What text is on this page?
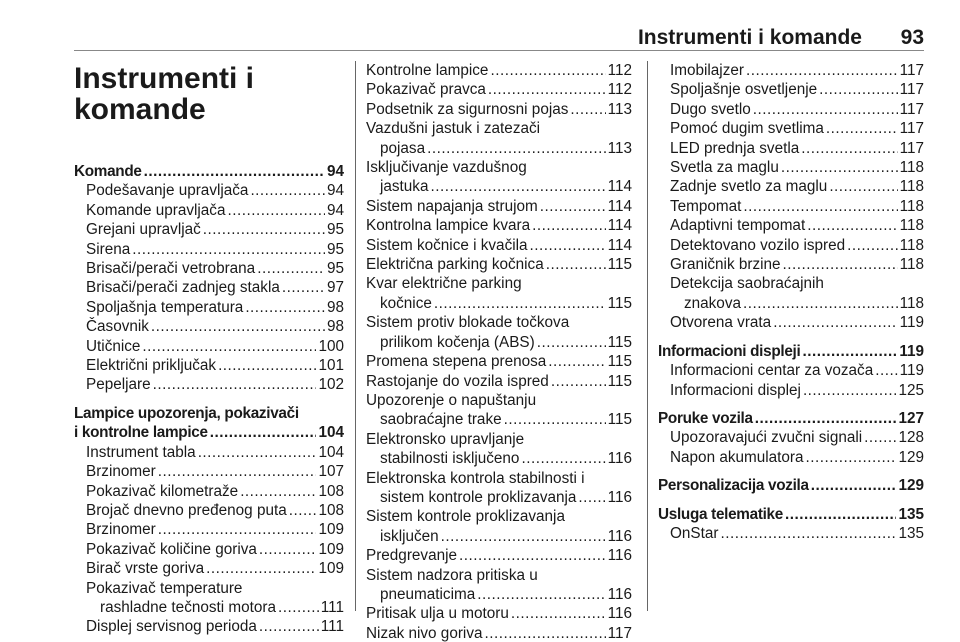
Instrumenti i komande 93
Instrumenti i
komande
Komande .....	94
Podešavanje upravljača .....	94
Komande upravljača .....	94
Grejani upravljač .....	95
Sirena .....	95
Brisači/perači vetrobrana .....	95
Brisači/perači zadnjeg stakla .....	97
Spoljašnja temperatura .....	98
Časovnik .....	98
Utičnice .....	100
Električni priključak .....	101
Pepeljare .....	102
Lampice upozorenja, pokazivači
i kontrolne lampice .....	104
Instrument tabla .....	104
Brzinomer .....	107
Pokazivač kilometraže .....	108
Brojač dnevno pređenog puta ..... 108
Brzinomer .....	109
Pokazivač količine goriva .....	109
Birač vrste goriva .....	109
Pokazivač temperature
rashladne tečnosti motora .....	111
Displej servisnog perioda .....	111
Kontrolne lampice .....	112
Pokazivač pravca .....	112
Podsetnik za sigurnosni pojas .....	113
Vazdušni jastuk i zatezači
pojasa .....	113
Isključivanje vazdušnog
jastuka .....	114
Sistem napajanja strujom .....	114
Kontrolna lampice kvara .....	114
Sistem kočnice i kvačila .....	114
Električna parking kočnica .....	115
Kvar električne parking
kočnice .....	115
Sistem protiv blokade točkova
prilikom kočenja (ABS) .....	115
Promena stepena prenosa .....	115
Rastojanje do vozila ispred .....	115
Upozorenje o napuštanju
saobraćajne trake .....	115
Elektronsko upravljanje
stabilnosti isključeno .....	116
Elektronska kontrola stabilnosti i
sistem kontrole proklizavanja ..... 116
Sistem kontrole proklizavanja
isključen .....	116
Predgrevanje .....	116
Sistem nadzora pritiska u
pneumaticima .....	116
Pritisak ulja u motoru .....	116
Nizak nivo goriva .....	117
Imobilajzer .....	117
Spoljašnje osvetljenje .....	117
Dugo svetlo .....	117
Pomoć dugim svetlima .....	117
LED prednja svetla .....	117
Svetla za maglu .....	118
Zadnje svetlo za maglu .....	118
Tempomat .....	118
Adaptivni tempomat .....	118
Detektovano vozilo ispred .....	118
Graničnik brzine .....	118
Detekcija saobraćajnih
znakova .....	118
Otvorena vrata .....	119
Informacioni displeji .....	119
Informacioni centar za vozača ..... 119
Informacioni displej .....	125
Poruke vozila .....	127
Upozoravajući zvučni signali ..... 128
Napon akumulatora .....	129
Personalizacija vozila .....	129
Usluga telematike .....	135
OnStar .....	135
